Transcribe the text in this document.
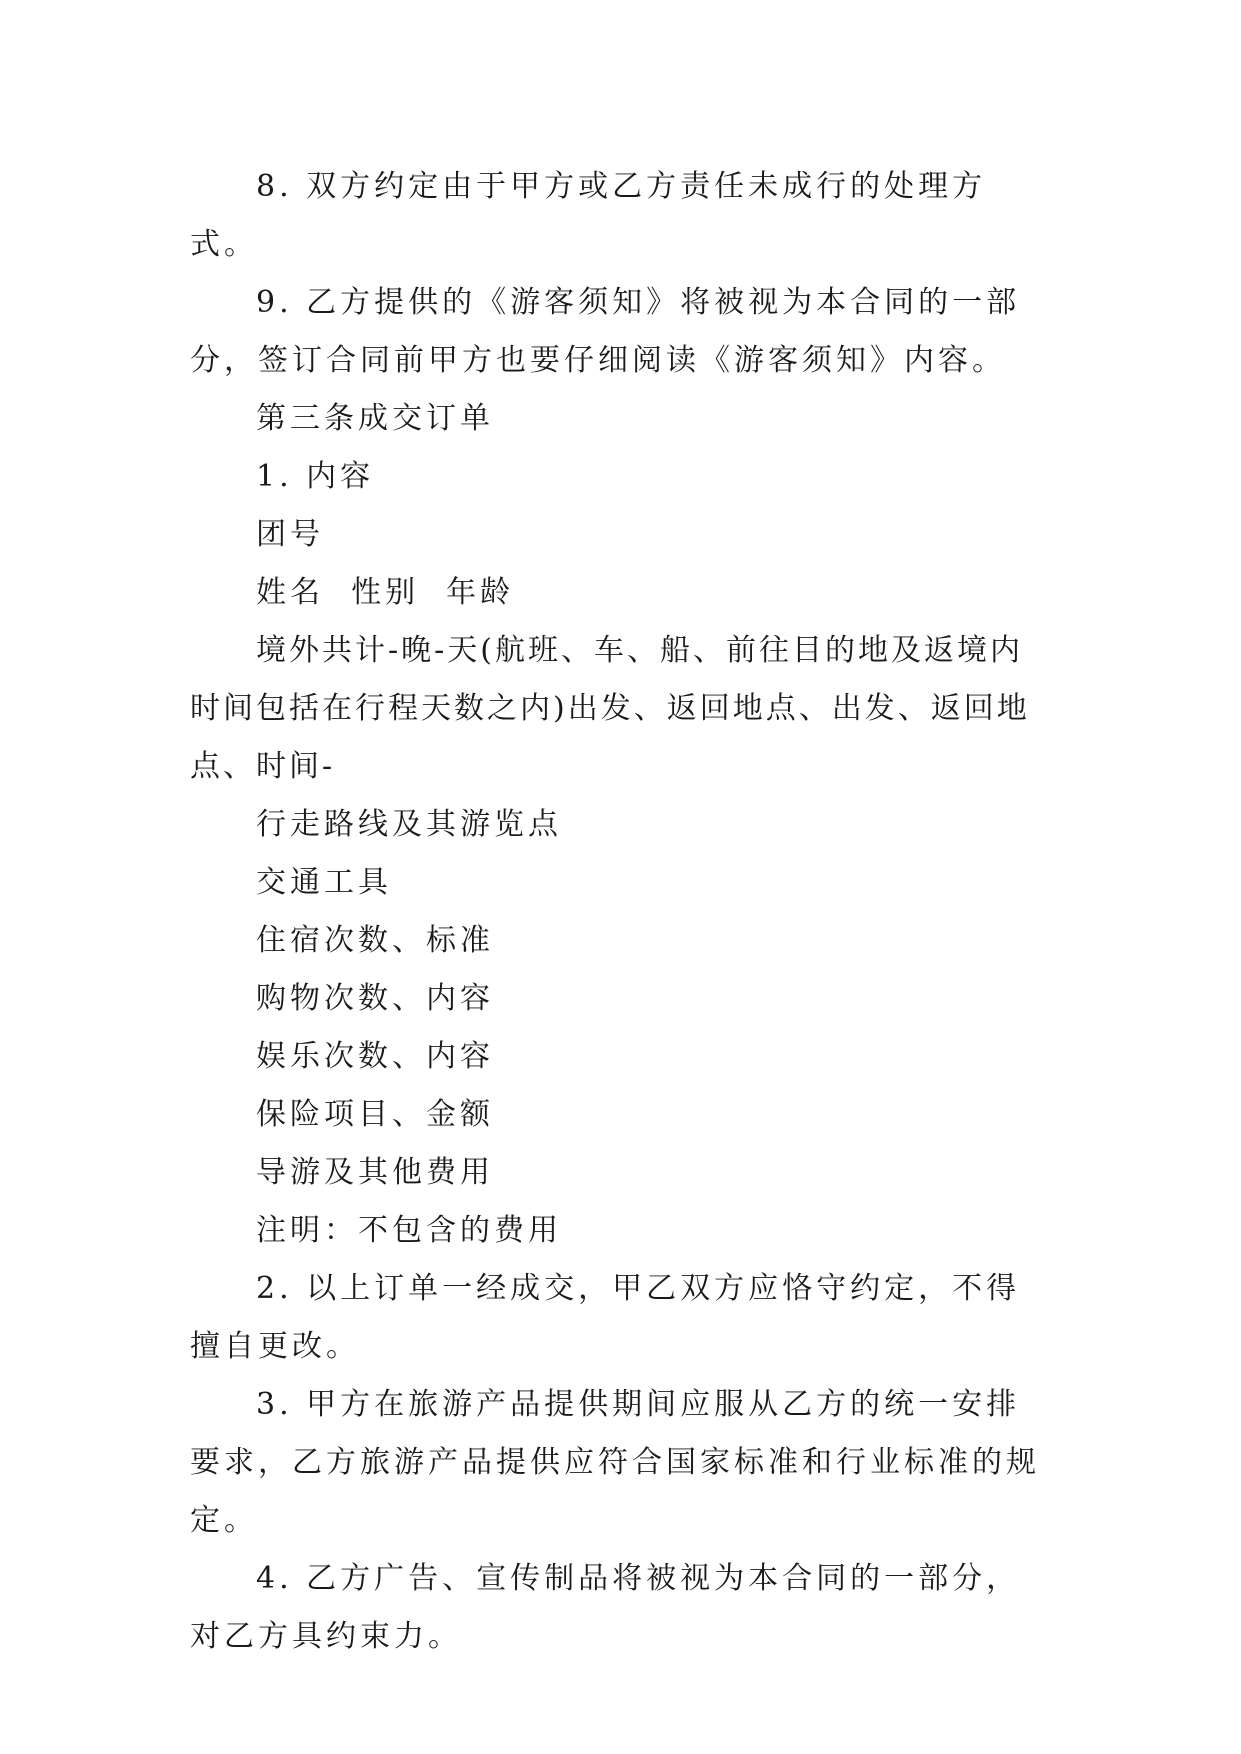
8. 双方约定由于甲方或乙方责任未成行的处理方式。

9. 乙方提供的《游客须知》将被视为本合同的一部分，签订合同前甲方也要仔细阅读《游客须知》内容。

第三条成交订单

1. 内容

团号

姓名  性别  年龄

境外共计-晚-天(航班、车、船、前往目的地及返境内时间包括在行程天数之内)出发、返回地点、出发、返回地点、时间-

行走路线及其游览点

交通工具

住宿次数、标准

购物次数、内容

娱乐次数、内容

保险项目、金额

导游及其他费用

注明：不包含的费用

2. 以上订单一经成交，甲乙双方应恪守约定，不得擅自更改。

3. 甲方在旅游产品提供期间应服从乙方的统一安排要求，乙方旅游产品提供应符合国家标准和行业标准的规定。

4. 乙方广告、宣传制品将被视为本合同的一部分，对乙方具约束力。
